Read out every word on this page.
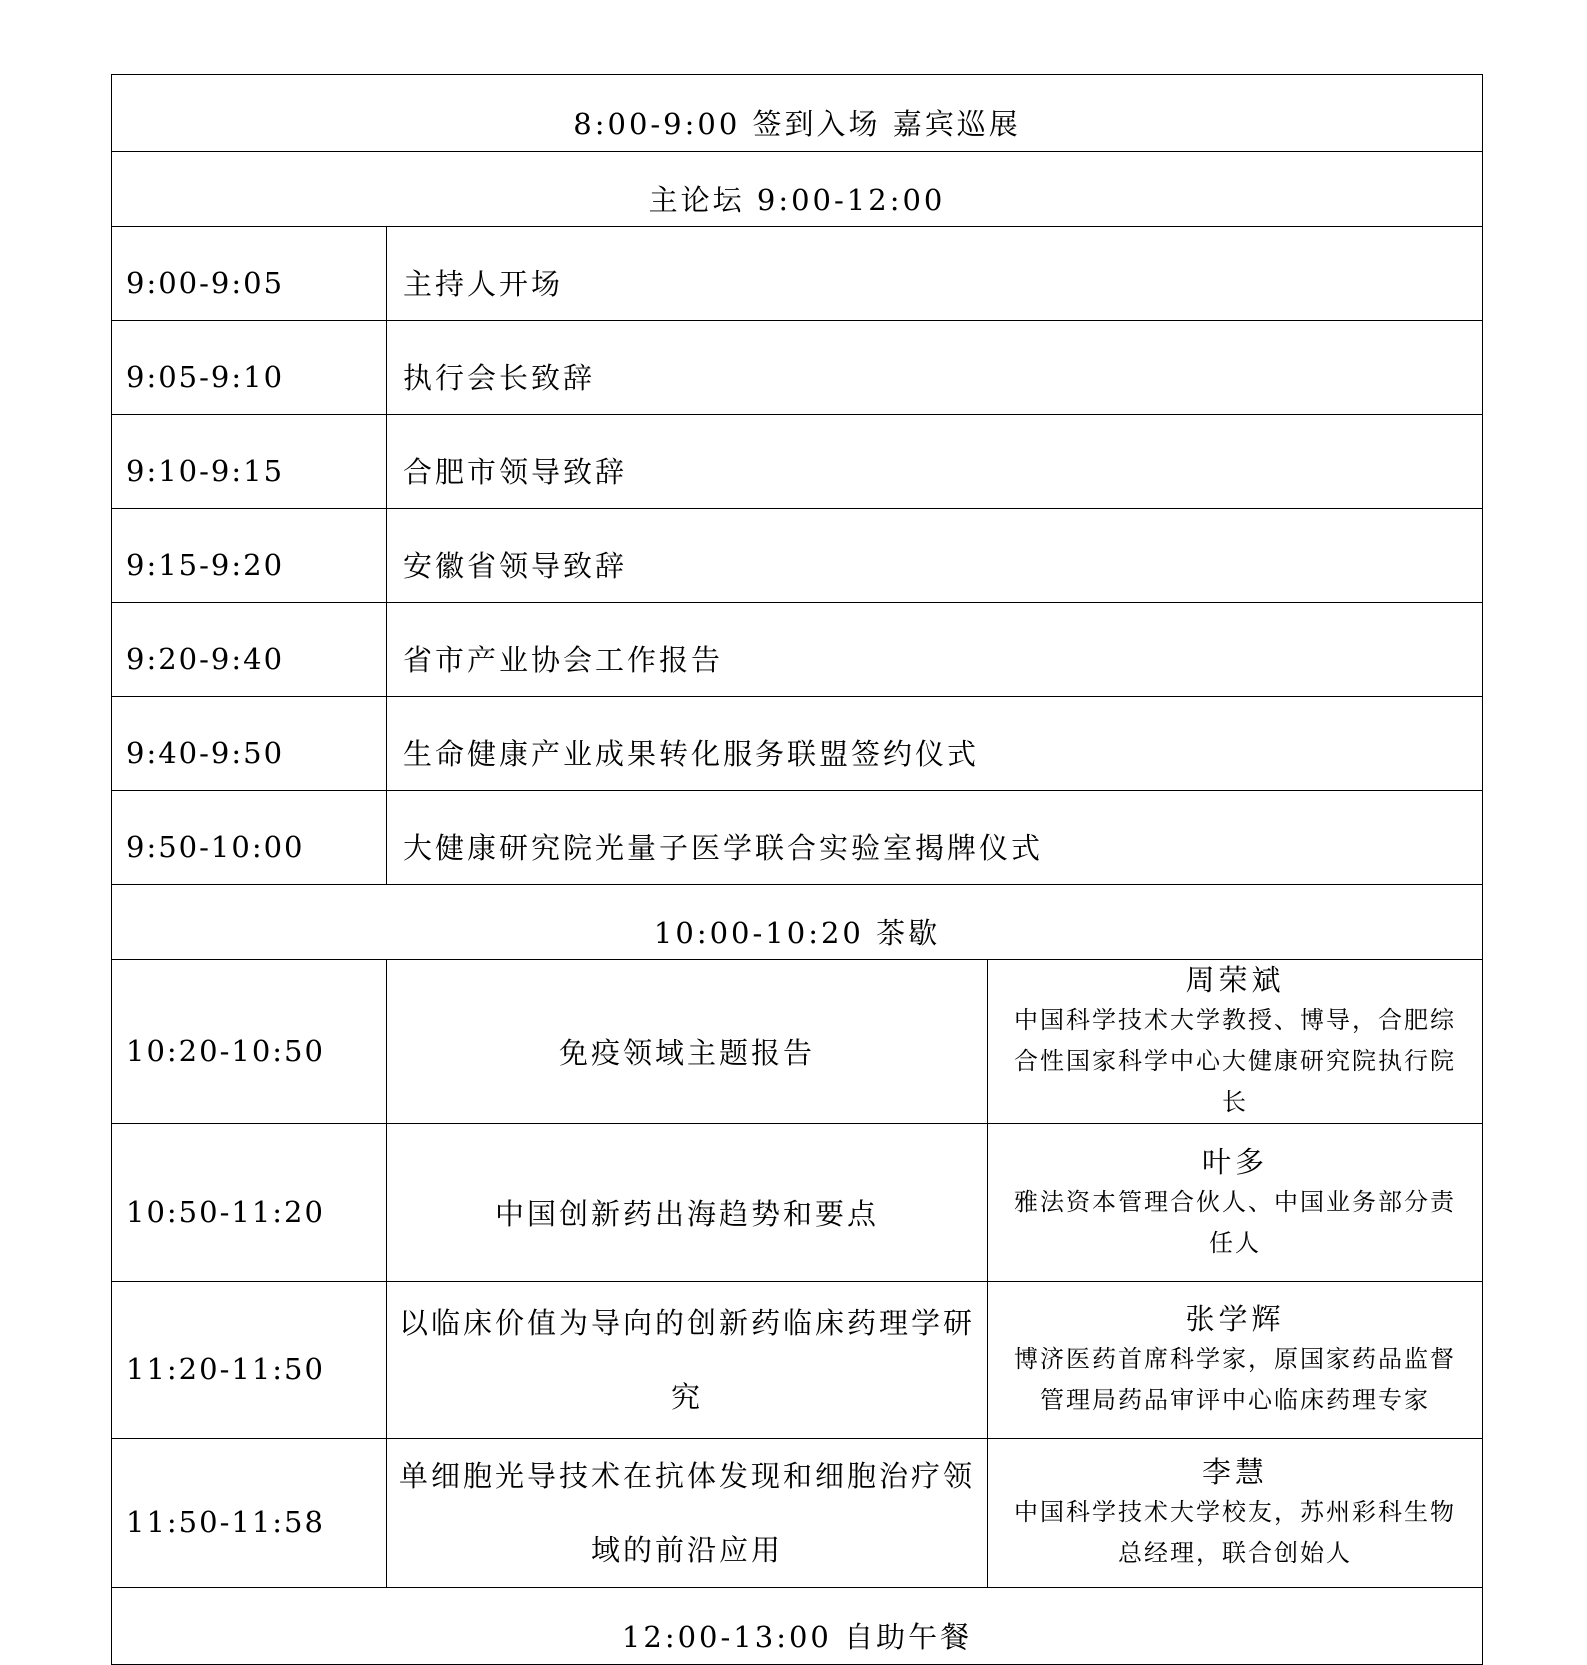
8:00-9:00 签到入场 嘉宾巡展		
主论坛 9:00-12:00		
9:00-9:05	主持人开场	
9:05-9:10	执行会长致辞	
9:10-9:15	合肥市领导致辞	
9:15-9:20	安徽省领导致辞	
9:20-9:40	省市产业协会工作报告	
9:40-9:50	生命健康产业成果转化服务联盟签约仪式	
9:50-10:00	大健康研究院光量子医学联合实验室揭牌仪式	
10:00-10:20 茶歇		
10:20-10:50	免疫领域主题报告	周荣斌
中国科学技术大学教授、博导，合肥综合性国家科学中心大健康研究院执行院长

10:50-11:20	中国创新药出海趋势和要点	叶多
雅法资本管理合伙人、中国业务部分责任人

11:20-11:50	以临床价值为导向的创新药临床药理学研究	张学辉
博济医药首席科学家，原国家药品监督管理局药品审评中心临床药理专家

11:50-11:58	单细胞光导技术在抗体发现和细胞治疗领域的前沿应用	李慧
中国科学技术大学校友，苏州彩科生物总经理，联合创始人

12:00-13:00 自助午餐		
